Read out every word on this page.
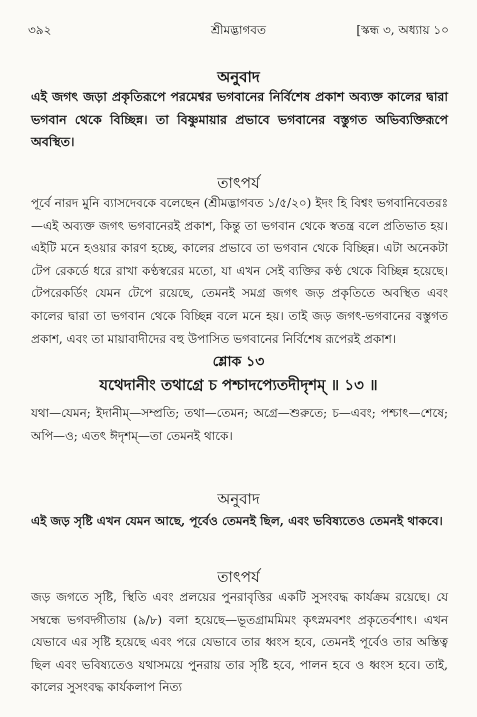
৩৯২	শ্রীমদ্ভাগবত	[স্কন্ধ ৩, অধ্যায় ১০
অনুবাদ

এই জগৎ জড়া প্রকৃতিরূপে পরমেশ্বর ভগবানের নির্বিশেষ প্রকাশ অব্যক্ত কালের দ্বারা ভগবান থেকে বিচ্ছিন্ন। তা বিষ্ণুমায়ার প্রভাবে ভগবানের বস্তুগত অভিব্যক্তিরূপে অবস্থিত।

তাৎপর্য

পূর্বে নারদ মুনি ব্যাসদেবকে বলেছেন (শ্রীমদ্ভাগবত ১/৫/২০) ইদং হি বিশ্বং ভগবানিবেতরঃ—এই অব্যক্ত জগৎ ভগবানেরই প্রকাশ, কিন্তু তা ভগবান থেকে স্বতন্ত্র বলে প্রতিভাত হয়। এইটি মনে হওয়ার কারণ হচ্ছে, কালের প্রভাবে তা ভগবান থেকে বিচ্ছিন্ন। এটা অনেকটা টেপ রেকর্ডে ধরে রাখা কণ্ঠস্বরের মতো, যা এখন সেই ব্যক্তির কণ্ঠ থেকে বিচ্ছিন্ন হয়েছে। টেপরেকর্ডিং যেমন টেপে রয়েছে, তেমনই সমগ্র জগৎ জড় প্রকৃতিতে অবস্থিত এবং কালের দ্বারা তা ভগবান থেকে বিচ্ছিন্ন বলে মনে হয়। তাই জড় জগৎ-ভগবানের বস্তুগত প্রকাশ, এবং তা মায়াবাদীদের বহু উপাসিত ভগবানের নির্বিশেষ রূপেরই প্রকাশ।

শ্লোক ১৩
যথেদানীং তথাগ্রে চ পশ্চাদপ্যেতদীদৃশম্ ॥ ১৩ ॥

যথা—যেমন; ইদানীম্—সম্প্রতি; তথা—তেমন; অগ্রে—শুরুতে; চ—এবং; পশ্চাৎ—শেষে; অপি—ও; এতৎ ঈদৃশম্—তা তেমনই থাকে।

অনুবাদ

এই জড় সৃষ্টি এখন যেমন আছে, পূর্বেও তেমনই ছিল, এবং ভবিষ্যতেও তেমনই থাকবে।

তাৎপর্য

জড় জগতে সৃষ্টি, স্থিতি এবং প্রলয়ের পুনরাবৃত্তির একটি সুসংবদ্ধ কার্যক্রম রয়েছে। যে সম্বন্ধে ভগবদ্গীতায় (৯/৮) বলা হয়েছে—ভূতগ্রামমিমং কৃৎস্নমবশং প্রকৃতের্বশাৎ। এখন যেভাবে এর সৃষ্টি হয়েছে এবং পরে যেভাবে তার ধ্বংস হবে, তেমনই পূর্বেও তার অস্তিত্ব ছিল এবং ভবিষ্যতেও যথাসময়ে পুনরায় তার সৃষ্টি হবে, পালন হবে ও ধ্বংস হবে। তাই, কালের সুসংবদ্ধ কার্যকলাপ নিত্য
